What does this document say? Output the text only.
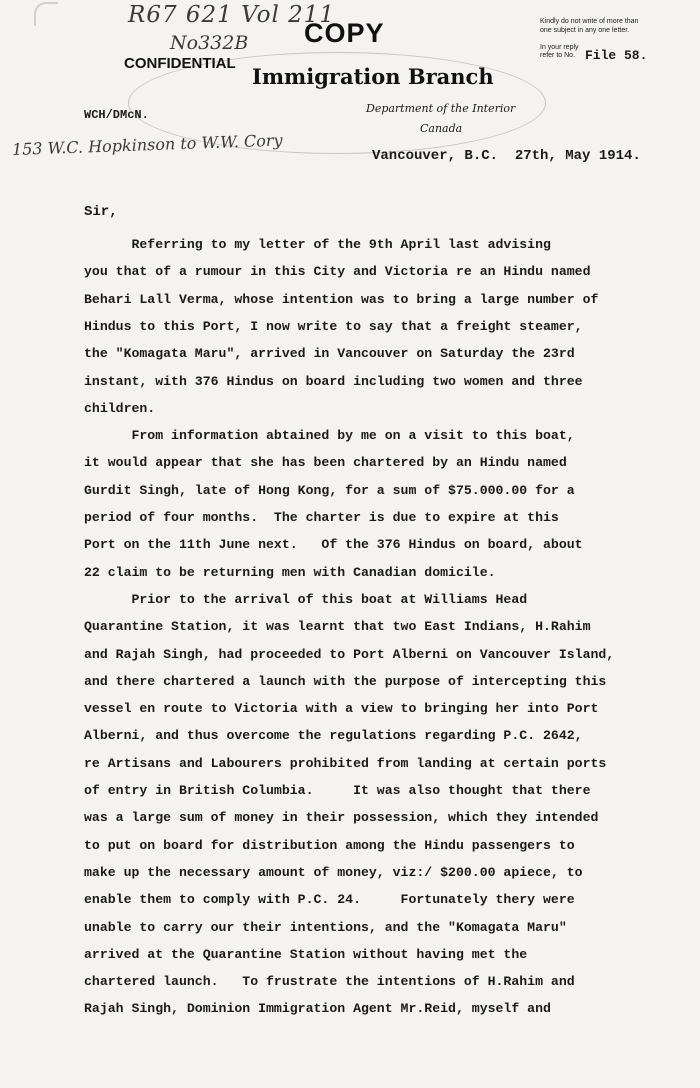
R67 621 Vol 211
No332B COPY
CONFIDENTIAL
Immigration Branch
Department of the Interior
Canada
Kindly do not write of more than
one subject in any one letter.
In your reply
refer to No. File 58.
WCH/DMcN.
153 W.C. Hopkinson to W.W. Cory	Vancouver, B.C.  27th, May 1914.
Sir,
Referring to my letter of the 9th April last advising
you that of a rumour in this City and Victoria re an Hindu named
Behari Lall Verma, whose intention was to bring a large number of
Hindus to this Port, I now write to say that a freight steamer,
the "Komagata Maru", arrived in Vancouver on Saturday the 23rd
instant, with 376 Hindus on board including two women and three
children.
From information abtained by me on a visit to this boat,
it would appear that she has been chartered by an Hindu named
Gurdit Singh, late of Hong Kong, for a sum of $75.000.00 for a
period of four months.  The charter is due to expire at this
Port on the 11th June next.   Of the 376 Hindus on board, about
22 claim to be returning men with Canadian domicile.
Prior to the arrival of this boat at Williams Head
Quarantine Station, it was learnt that two East Indians, H.Rahim
and Rajah Singh, had proceeded to Port Alberni on Vancouver Island,
and there chartered a launch with the purpose of intercepting this
vessel en route to Victoria with a view to bringing her into Port
Alberni, and thus overcome the regulations regarding P.C. 2642,
re Artisans and Labourers prohibited from landing at certain ports
of entry in British Columbia.     It was also thought that there
was a large sum of money in their possession, which they intended
to put on board for distribution among the Hindu passengers to
make up the necessary amount of money, viz:/ $200.00 apiece, to
enable them to comply with P.C. 24.     Fortunately thery were
unable to carry our their intentions, and the "Komagata Maru"
arrived at the Quarantine Station without having met the
chartered launch.   To frustrate the intentions of H.Rahim and
Rajah Singh, Dominion Immigration Agent Mr.Reid, myself and
